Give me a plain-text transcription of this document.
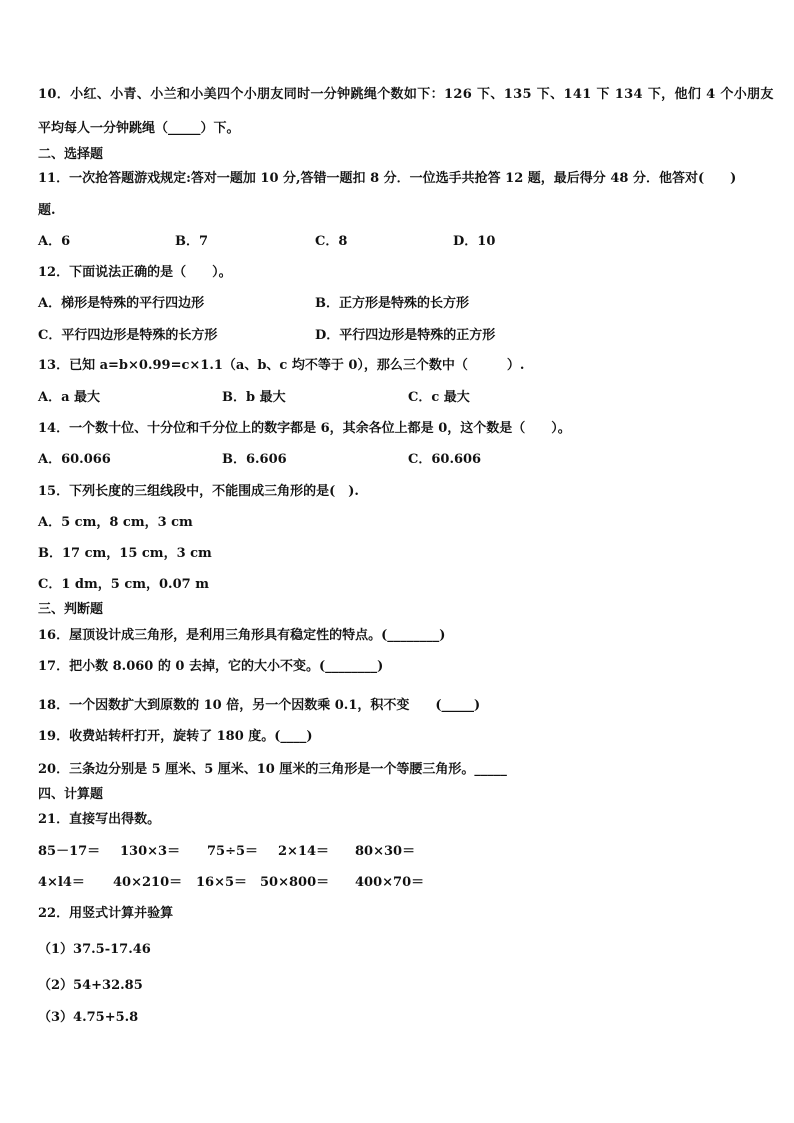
10．小红、小青、小兰和小美四个小朋友同时一分钟跳绳个数如下：126 下、135 下、141 下 134 下，他们 4 个小朋友
平均每人一分钟跳绳（_____）下。
二、选择题
11．一次抢答题游戏规定:答对一题加 10 分,答错一题扣 8 分．一位选手共抢答 12 题，最后得分 48 分．他答对(　　)
题.
A．6	B．7	C．8	D．10
12．下面说法正确的是（　　）。
A．梯形是特殊的平行四边形	B．正方形是特殊的长方形
C．平行四边形是特殊的长方形	D．平行四边形是特殊的正方形
13．已知 a=b×0.99=c×1.1（a、b、c 均不等于 0），那么三个数中（　　　）.
A．a 最大	B．b 最大	C．c 最大
14．一个数十位、十分位和千分位上的数字都是 6，其余各位上都是 0，这个数是（　　）。
A．60.066	B．6.606	C．60.606
15．下列长度的三组线段中，不能围成三角形的是(　).
A．5 cm，8 cm，3 cm
B．17 cm，15 cm，3 cm
C．1 dm，5 cm，0.07 m
三、判断题
16．屋顶设计成三角形，是利用三角形具有稳定性的特点。(________)
17．把小数 8.060 的 0 去掉，它的大小不变。(________)
18．一个因数扩大到原数的 10 倍，另一个因数乘 0.1，积不变　　(_____)
19．收费站转杆打开，旋转了 180 度。(____)
20．三条边分别是 5 厘米、5 厘米、10 厘米的三角形是一个等腰三角形。_____
四、计算题
21．直接写出得数。
85－17＝ 130×3＝ 75÷5＝ 2×14＝ 80×30＝
4×l4＝ 40×210＝ 16×5＝ 50×800＝ 400×70＝
22．用竖式计算并验算
（1）37.5-17.46
（2）54+32.85
（3）4.75+5.8
